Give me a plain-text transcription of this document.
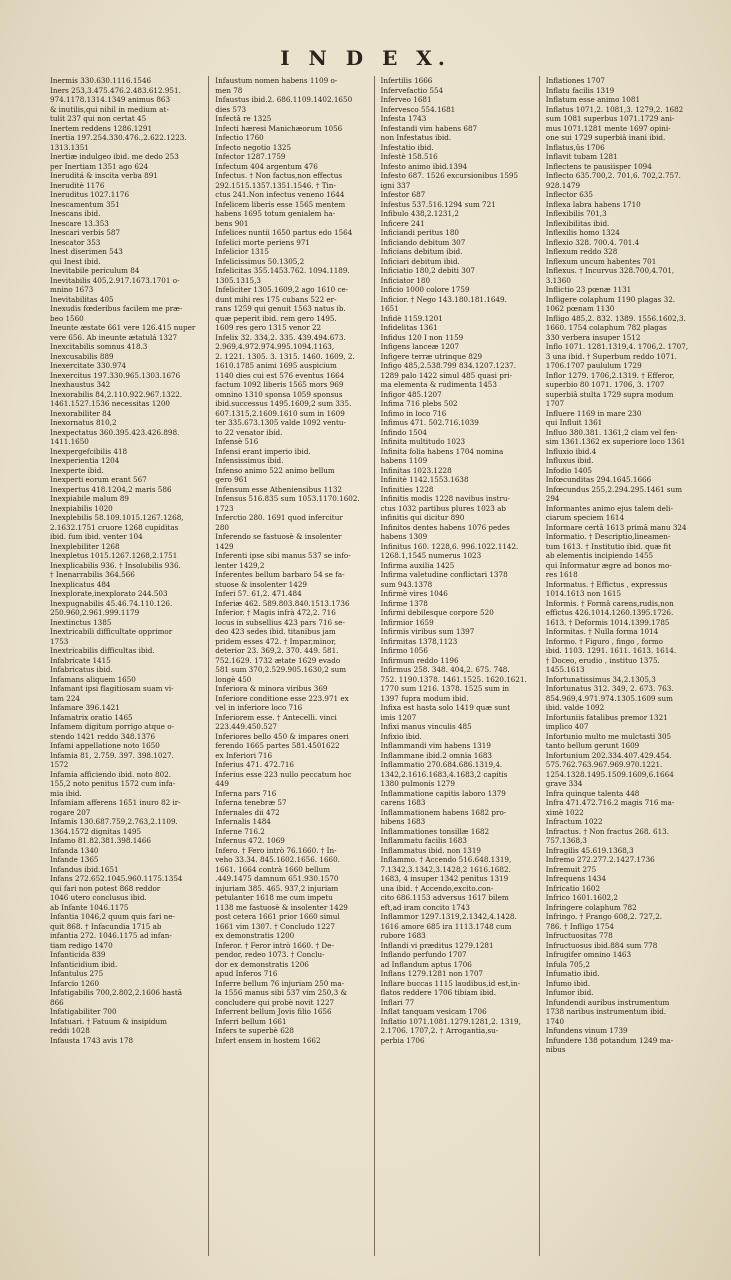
I N D E X.
Inermis 330.630.1116.1546
Iners 253,3.475.476.2.483.612.951.
974.1178.1314.1349 animus 863
& inutilis,qui nihil in medium at-
tulit 237 qui non certat 45
Inertem reddens 1286.1291
Inertia 197.254.330.476.,2.622.1223.
1313.1351
Inertiæ indulgeo ibid. me dedo 253
per Inertiam 1351 ago 624
Ineruditá & inscita verba 891
Ineruditè 1176
Ineruditus 1027.1176
Inescamentum 351
Inescans ibid.
Inescare 13.353
Inescari verbis 587
Inescator 353
Inest diserimen 543
qui Inest ibid.
Inevitabile periculum 84
Inevitabilis 405,2.917.1673.1701 o-
mnino 1673
Inevitabilitas 405
Inexudis fœderibus facilem me præ-
beo 1560
Ineunte æstate 661 vere 126.415 nuper
vere 656. Ab ineunte ætatulá 1327
Inexcitabilis somnus 418.3
Inexcusabilis 889
Inexercitate 330.974
Inexercitus 197.330.965.1303.1676
Inexhaustus 342
Inexorabilis 84,2.110.922.967.1322.
1461.1527.1536 necessitas 1200
Inexorabiliter 84
Inexornatus 810,2
Inexpectatus 360.395.423.426.898.
1411.1650
Inexpergefcibilis 418
Inexperientia 1204
Inexperte ibid.
Inexperti eorum erant 567
Inexpertus 418.1204,2 maris 586
Inexpiabile malum 89
Inexpiabilis 1020
Inexplebilis 58.109.1015.1267.1268,
2.1632.1751 cruore 1268 cupiditas
ibid. fum ibid. venter 104
Inexplebiliter 1268
Inexpletus 1015.1267.1268,2.1751
Inexplicabilis 936. † Insolubilis 936.
† Inenarrabilis 364.566
Inexplicatus 484
Inexplorate,inexplorato 244.503
Inexpugnabilis 45.46.74.110.126.
250.960,2.961.999.1179
Inextinctus 1385
Inextricabili difficultate opprimor
1753
Inextricabilis difficultas ibid.
Infabricate 1415
Infabricatus ibid.
Infamans aliquem 1650
Infamant ipsi flagitiosam suam vi-
tam 224
Infamare 396.1421
Infamatrix oratio 1465
Infamem digitum porrigo atque o-
stendo 1421 reddo 348.1376
Infami appellatione noto 1650
Infamia 81, 2.759. 397. 398.1027.
1572
Infamia afficiendo ibid. noto 802.
155,2 noto penitus 1572 cum infa-
mia ibid.
Infamiam afferens 1651 inuro 82 ir-
rogare 207
Infamis 130.687.759,2.763,2.1109.
1364.1572 dignitas 1495
Infamo 81.82.381.398.1466
Infanda 1340
Infande 1365
Infandus ibid.1651
Infans 272.652.1045.960.1175.1354
qui fari non potest 868 reddor
1046 utero conclusus ibid.
ab Infante 1046.1175
Infantia 1046,2 quum quis fari ne-
quit 868. † Infacundia 1715 ab
infantia 272. 1046.1175 ad infan-
tiam redigo 1470
Infanticida 839
Infanticidium ibid.
Infantulus 275
Infarcio 1260
Infatigabilis 700,2.802,2.1606 hastâ
866
Infatigabiliter 700
Infatuari. † Fatuum & insipidum
reddi 1028
Infausta 1743 avis 178
Infaustum nomen habens 1109 o-
men 78
Infaustus ibid.2. 686.1109.1402.1650
dies 573
Infectâ re 1325
Infecti hæresi Manichæorum 1056
Infectio 1760
Infecto negotio 1325
Infector 1287.1759
Infectum 404 argentum 476
Infectus. † Non factus,non effectus
292.1515.1357.1351.1546. † Tin-
ctus 241.Non infectus veneno 1644
Infelicem liberis esse 1565 mentem
habens 1695 totum genialem ha-
bens 901
Infelices nuntii 1650 partus edo 1564
Infelici morte periens 971
Infelicior 1315
Infelicissimus 50.1305,2
Infelicitas 355.1453.762. 1094.1189.
1305.1315,3
Infeliciter 1305.1609,2 ago 1610 ce-
dunt mihi res 175 cubans 522 er-
rans 1259 qui genuit 1563 natus ib.
quæ peperit ibid. rem gero 1495.
1609 res gero 1315 venor 22
Infelix 32. 334,2. 335. 439.494.673.
2.969,4.972.974.995.1094.1163,
2. 1221. 1305. 3. 1315. 1460. 1609, 2.
1610.1785 animi 1695 auspicium
1140 dies cui est 576 eventus 1664
factum 1092 liberis 1565 mors 969
omnino 1310 sponsa 1059 sponsus
ibid.successus 1495.1609,2 sum 335.
607.1315,2.1609.1610 sum in 1609
ter 335.673.1305 valde 1092 ventu-
to 22 venator ibid.
Infensè 516
Infensi erant imperio ibid.
Infensissimus ibid.
Infenso animo 522 animo bellum
gero 961
Infensum esse Atheniensibus 1132
Infensus 516.835 sum 1053.1170.1602.
1723
Inferctio 280. 1691 quod infercitur
280
Inferendo se fastuosè & insolenter
1429
Inferenti ipse sibi manus 537 se info-
lenter 1429,2
Inferentes bellum barbaro 54 se fa-
stuose & insolenter 1429
Inferi 57. 61,2. 471.484
Inferiæ 462. 589.803.840.1513.1736
Inferior. † Magis infrà 472,2. 716
locus in subsellius 423 pars 716 se-
deo 423 sedes ibid. titanibus jam
pridem esses 472. † Impar,minor,
deterior 23. 369,2. 370. 449. 581.
752.1629. 1732 ætate 1629 evado
581 sum 370,2.529.905.1630,2 sum
longè 450
Inferiora & minora viribus 369
Inferiore conditione esse 223.971 ex
vel in inferiore loco 716
Inferiorem esse. † Antecelli. vinci
223.449.450.527
Inferiores bello 450 & impares oneri
ferendo 1665 partes 581.4501622
ex Inferiori 716
Inferius 471. 472.716
Inferius esse 223 nullo peccatum hoc
449
Inferna pars 716
Inferna tenebræ 57
Infernales dii 472
Infernalis 1484
Inferne 716.2
Infernus 472. 1069
Infero. † Fero intrò 76.1660. † In-
veho 33.34. 845.1602.1656. 1660.
1661. 1664 contrà 1660 bellum
.449.1475 damnum 651.930.1570
injuriam 385. 465. 937,2 injuriam
petulanter 1618 me cum impetu
1138 me fastuosè & insolenter 1429
post cetera 1661 prior 1660 simul
1661 vim 1307. † Concludo 1227
ex demonstratis 1200
Inferor. † Feror intrò 1660. † De-
pendor, redeo 1073. † Conclu-
dor ex demonstratis 1206
apud Inferos 716
Inferre bellum 76 injuriam 250 ma-
la 1556 manus sibi 537 vim 250,3 &
concludere qui probè novit 1227
Inferrent bellum Jovis filio 1656
Inferri bellum 1661
Infers te superbè 628
Infert ensem in hostem 1662
Infertilis 1666
Infervefactio 554
Inferveo 1681
Infervesco 554.1681
Infesta 1743
Infestandi vim habens 687
non Infestatus ibid.
Infestatio ibid.
Infestè 158.516
Infesto animo ibid.1394
Infesto 687. 1526 excursionibus 1595
igni 337
Infestor 687
Infestus 537.516.1294 sum 721
Infibulo 438,2.1231,2
Inficere 241
Inficiandi peritus 180
Inficiando debitum 307
Inficians debitum ibid.
Inficiari debitum ibid.
Inficiatio 180,2 debiti 307
Inficiator 180
Inficio 1000 colore 1759
Inficior. † Nego 143.180.181.1649.
1651
Infidè 1159.1201
Infidelitas 1361
Infidus 120 I non 1159
Infigens lanceæ 1207
Infigere terræ utrinque 829
Infigo 485,2.538.799 834.1207.1237.
1289 palo 1422 simul 485 quasi pri-
ma elementa & rudimenta 1453
Infigor 485.1207
Infima 716 plebs 502
Infimo in loco 716
Infimus 471. 502.716.1039
Infindo 1504
Infinita multitudo 1023
Infinita folia habens 1704 nomina
habens 1109
Infinitas 1023.1228
Infinitè 1142.1553.1638
Infinities 1228
Infinitis modis 1228 navibus instru-
ctus 1032 partibus plures 1023 ab
infinitis qui dicitur 890
Infinitos dentes habens 1076 pedes
habens 1309
Infinitus 160. 1228,6. 996.1022.1142.
1268.1,1545 numerus 1023
Infirma auxilia 1425
Infirma valetudine conflictari 1378
sum 943.1378
Infirmè vires 1046
Infirme 1378
Infirmi debilesque corpore 520
Infirmior 1659
Infirmis viribus sum 1397
Infirmitas 1378,1123
Infirmo 1056
Infirmum reddo 1196
Infirmus 258. 348. 404,2. 675. 748.
752. 1190.1378. 1461.1525. 1620.1621.
1770 sum 1216. 1378. 1525 sum in
1397 fupra modum ibid.
Infixa est hasta solo 1419 quæ sunt
imis 1207
Infixi manus vinculis 485
Infixio ibid.
Inflammandi vim habens 1319
Inflammane ibid.2 omnia 1683
Inflammatio 270.684.686.1319,4.
1342,2.1616.1683,4.1683,2 capitis
1380 pulmonis 1279
Inflammatione capitis laboro 1379
carens 1683
Inflammationem habens 1682 pro-
hibens 1683
Inflammationes tonsillæ 1682
Inflammatu facilis 1683
Inflammatus ibid. non 1319
Inflammo. † Accendo 516.648.1319,
7.1342,3.1342,3.1428,2 1616.1682.
1683, 4 insuper 1342 penitus 1319
una ibid. † Accendo,excito.con-
cito 686.1153 adversus 1617 bilem
eft,ad iram concito 1743
Inflammor 1297.1319,2.1342,4.1428.
1616 amore 685 ira 1113.1748 cum
rubore 1683
Inflandi vi præditus 1279.1281
Inflando perfundo 1707
ad Inflandum aptus 1706
Inflans 1279.1281 non 1707
Inflare buccas 1115 laudibus,id est,in-
flatos reddere 1706 tibiam ibid.
Inflari 77
Inflat tanquam vesicam 1706
Inflatio 1071.1081.1279.1281,2. 1319,
2.1706. 1707,2. † Arrogantia,su-
perbia 1706
Inflationes 1707
Inflatu facilis 1319
Inflatum esse animo 1081
Inflatus 1071,2. 1081,3. 1279,2. 1682
sum 1081 superbus 1071.1729 ani-
mus 1071.1281 mente 1697 opini-
one sui 1729 superbiâ inani ibid.
Inflatus,ûs 1706
Inflavit tubam 1281
Inflectens te pausiisper 1094
Inflecto 635.700,2. 701,6. 702,2.757.
928.1479
Inflector 635
Inflexa labra habens 1710
Inflexibilis 701,3
Inflexibilitas ibid.
Inflexilis homo 1324
Inflexio 328. 700.4. 701.4
Inflexum reddo 328
Inflexum uncum habentes 701
Inflexus. † Incurvus 328.700,4.701,
3.1360
Inflictio 23 pœnæ 1131
Infligere colaphum 1190 plagas 32.
1062 pœnam 1130
Infligo 485,2. 832. 1389. 1556.1602,3.
1660. 1754 colaphum 782 plagas
330 verbera insuper 1512
Inflo 1071. 1281.1319,4. 1706,2. 1707,
3 una ibid. † Superbum reddo 1071.
1706.1707 paululum 1729
Inflor 1279. 1706,2.1319. † Efferor,
superbio 80 1071. 1706, 3. 1707
superbiâ stulta 1729 supra modum
1707
Influere 1169 in mare 230
qui Influit 1361
Influo 380.381. 1361,2 clam vel fen-
sim 1361.1362 ex superiore loco 1361
Influxio ibid.4
Influxus ibid.
Infodio 1405
Infœcunditas 294.1645.1666
Infœcundus 255,2.294.295.1461 sum
294
Informantes animo ejus talem deli-
ciarum speciem 1614
Informare certâ 1613 primâ manu 324
Informatio. † Descriptio,lineamen-
tum 1613. † Institutio ibid. quæ fit
ab elementis incipiendo 1455
qui Informatur ægre ad bonos mo-
res 1618
Informatus. † Effictus , expressus
1014.1613 non 1615
Informis. † Formâ carens,rudis,non
effictus 426.1014.1260.1395.1726.
1613. † Deformis 1014.1399.1785
Informitas. † Nulla forma 1014
Informo. † Figuro , fingo , formo
ibid. 1103. 1291. 1611. 1613. 1614.
† Doceo, erudio , instituo 1375.
1455.1613
Infortunatissimus 34,2.1305,3
Infortunatus 312. 349, 2. 673. 763.
854.969,4.971.974.1305.1609 sum
ibid. valde 1092
Infortuniis fatalibus premor 1321
implico 407
Infortunio multo me mulctasti 305
tanto bellum gerunt 1609
Infortunium 202.334.407.429.454.
575.762.763.967.969.970.1221.
1254.1328.1495.1509.1609,6.1664
grave 334
Infra quinque talenta 448
Infra 471.472.716.2 magis 716 ma-
ximè 1022
Infractum 1022
Infractus. † Non fractus 268. 613.
757.1368,3
Infragilis 45.619.1368,3
Infremo 272.277.2.1427.1736
Infremuit 275
Infrequens 1434
Infricatio 1602
Infrico 1601.1602,2
Infringere colaphum 782
Infringo. † Frango 608,2. 727,2.
786. † Infligo 1754
Infructuositas 778
Infructuosus ibid.884 sum 778
Infrugifer omnino 1463
Infula 705,2
Infumatio ibid.
Infumo ibid.
Infumor ibid.
Infundendi auribus instrumentum
1738 naribus instrumentum ibid.
1740
Infundens vinum 1739
Infundere 138 potandum 1249 ma-
nibus
